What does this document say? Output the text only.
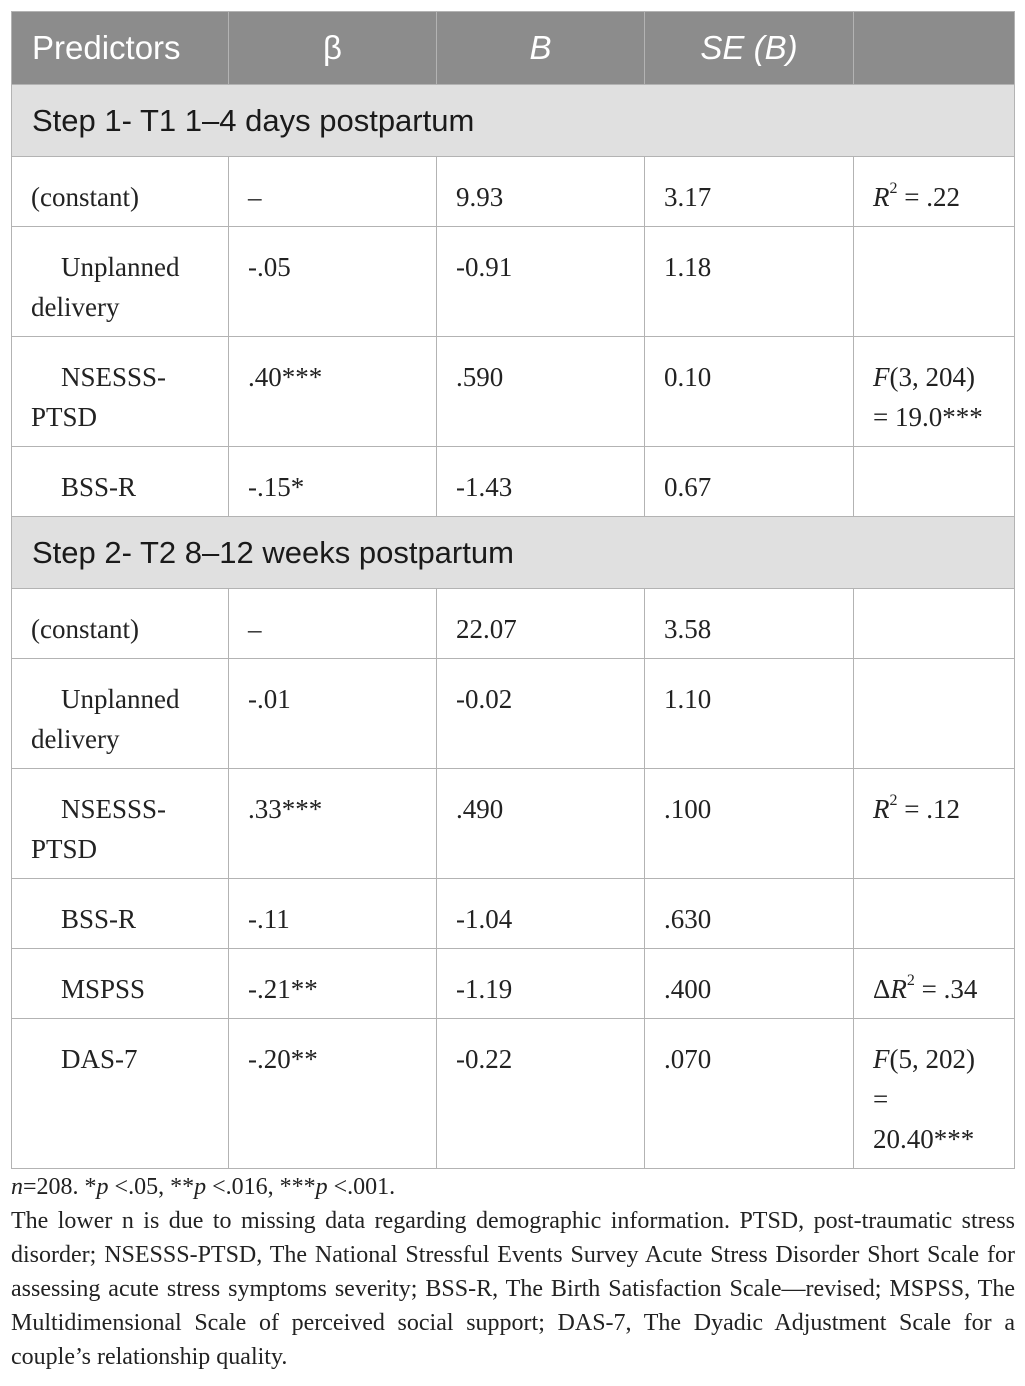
Predictors	β	B	SE (B)	
Step 1- T1 1–4 days postpartum				
(constant)	–	9.93	3.17	$R^2 = .22$
Unplanned delivery	-.05	-0.91	1.18	
NSESSS-PTSD	.40***	.590	0.10	F(3, 204) = 19.0***
BSS-R	-.15*	-1.43	0.67	
Step 2- T2 8–12 weeks postpartum				
(constant)	–	22.07	3.58	
Unplanned delivery	-.01	-0.02	1.10	
NSESSS-PTSD	.33***	.490	.100	$R^2 = .12$
BSS-R	-.11	-1.04	.630	
MSPSS	-.21**	-1.19	.400	$\Delta R^2 = .34$
DAS-7	-.20**	-0.22	.070	F(5, 202) = 20.40***

n=208. *p <.05, **p <.016, ***p <.001.

The lower n is due to missing data regarding demographic information. PTSD, post-traumatic stress disorder; NSESSS-PTSD, The National Stressful Events Survey Acute Stress Disorder Short Scale for assessing acute stress symptoms severity; BSS-R, The Birth Satisfaction Scale—revised; MSPSS, The Multidimensional Scale of perceived social support; DAS-7, The Dyadic Adjustment Scale for a couple’s relationship quality.
